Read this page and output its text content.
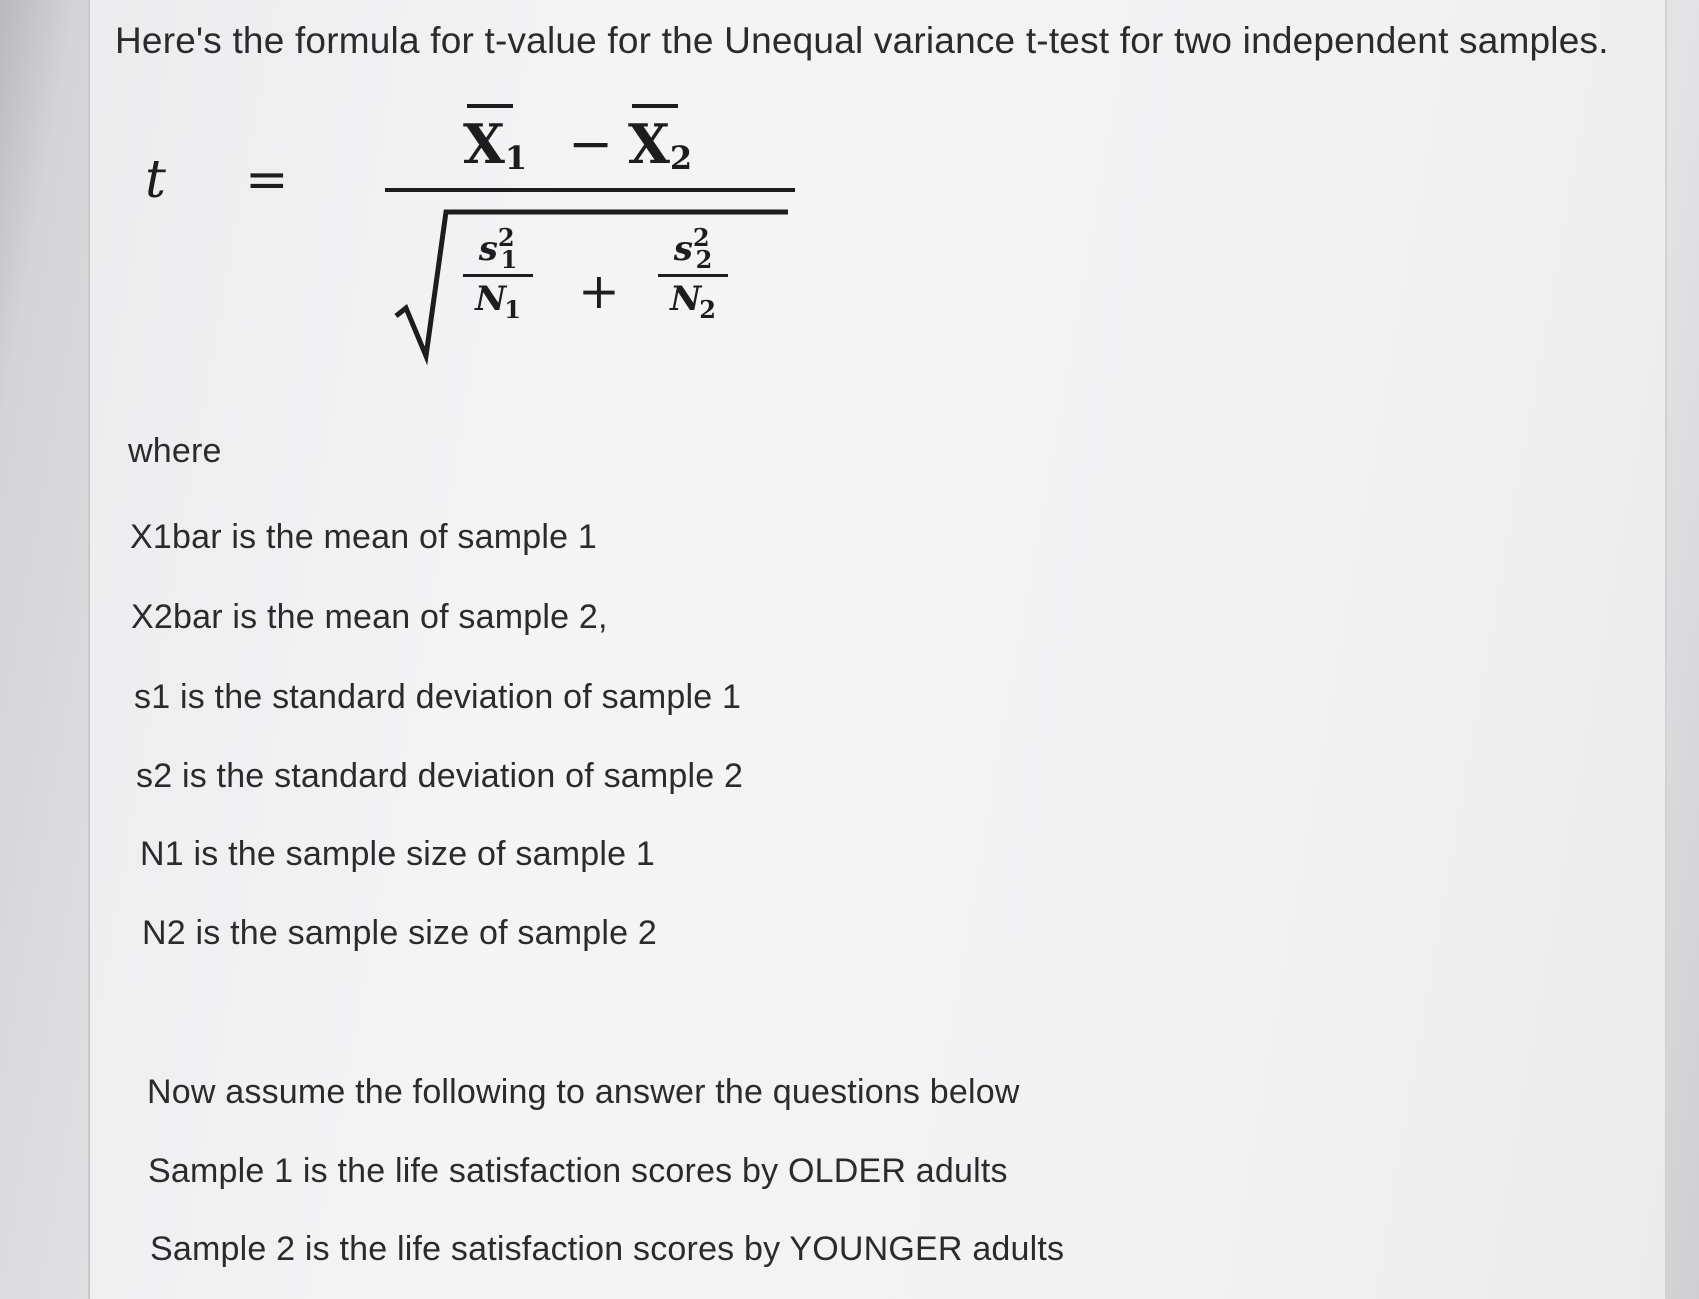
Here's the formula for t-value for the Unequal variance t-test for two independent samples.
t =
X1 − X2
$s^2_1$
$N_1$ +
$s^2_2$
$N_2$
where
X1bar is the mean of sample 1
X2bar is the mean of sample 2,
s1 is the standard deviation of sample 1
s2 is the standard deviation of sample 2
N1 is the sample size of sample 1
N2 is the sample size of sample 2
Now assume the following to answer the questions below
Sample 1 is the life satisfaction scores by OLDER adults
Sample 2 is the life satisfaction scores by YOUNGER adults
